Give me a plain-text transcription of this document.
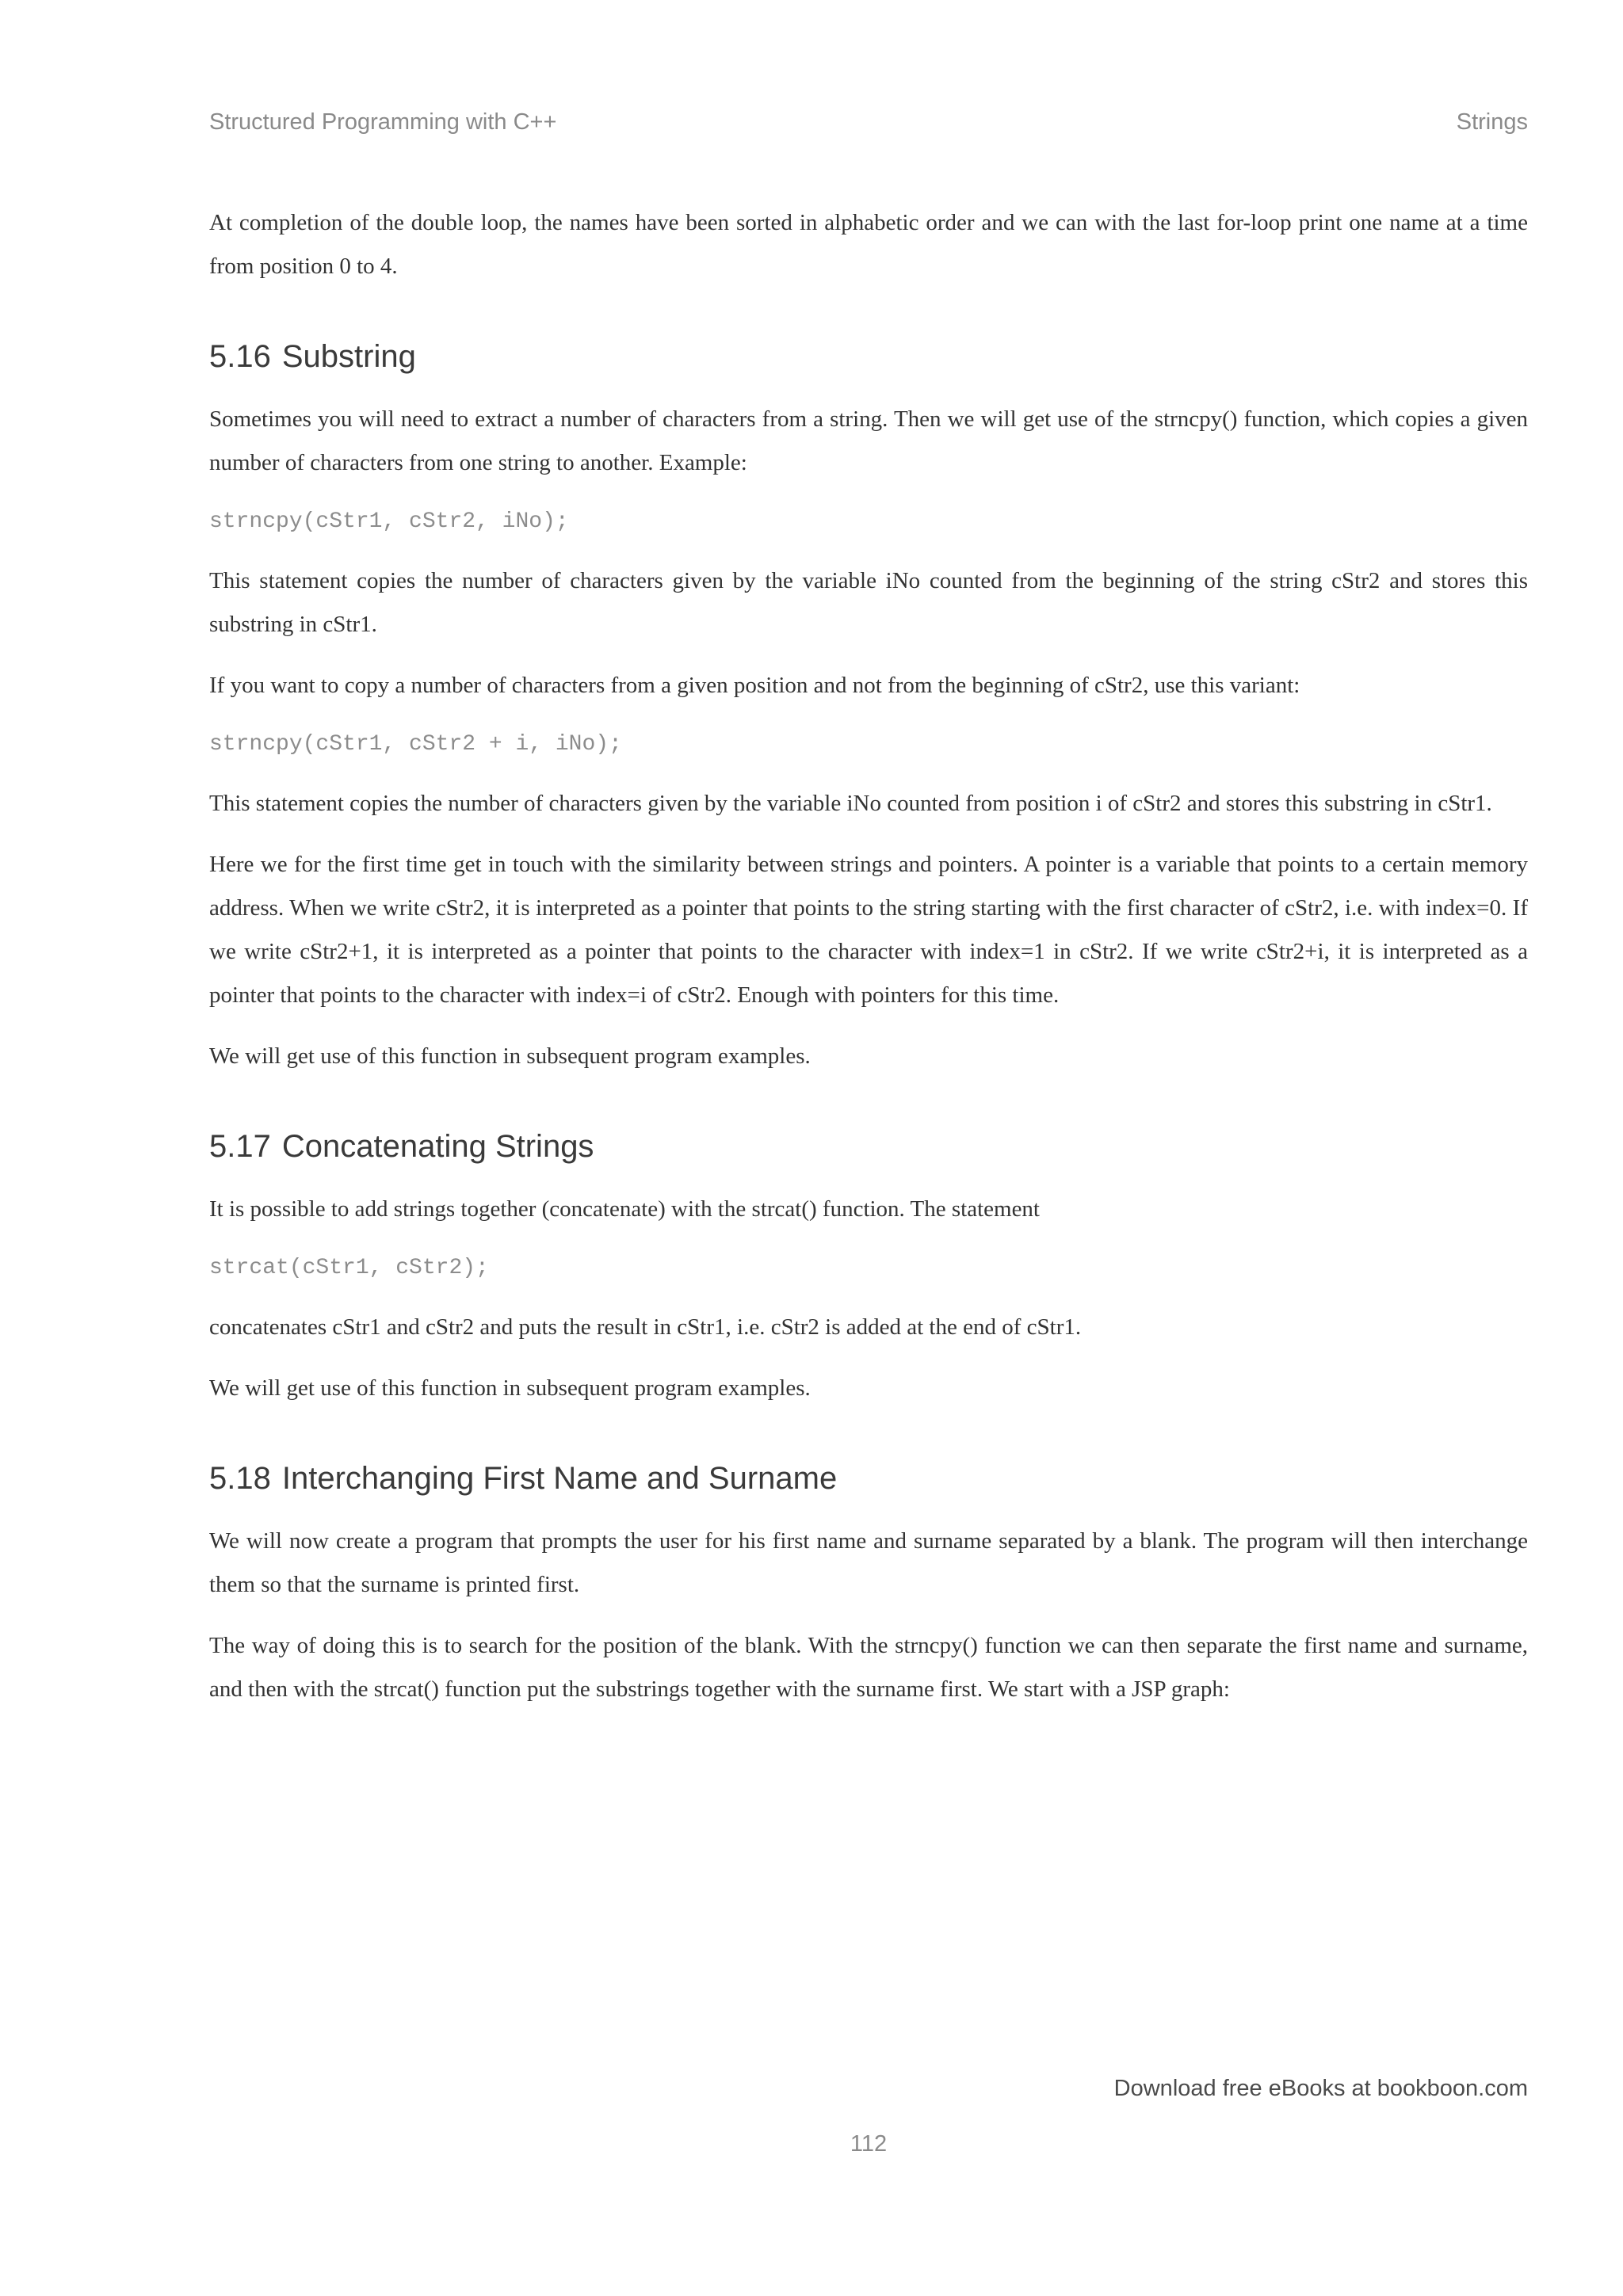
Structured Programming with C++	Strings

At completion of the double loop, the names have been sorted in alphabetic order and we can with the last for-loop print one name at a time from position 0 to 4.

5.16 Substring

Sometimes you will need to extract a number of characters from a string. Then we will get use of the strncpy() function, which copies a given number of characters from one string to another. Example:

strncpy(cStr1, cStr2, iNo);

This statement copies the number of characters given by the variable iNo counted from the beginning of the string cStr2 and stores this substring in cStr1.

If you want to copy a number of characters from a given position and not from the beginning of cStr2, use this variant:

strncpy(cStr1, cStr2 + i, iNo);

This statement copies the number of characters given by the variable iNo counted from position i of cStr2 and stores this substring in cStr1.

Here we for the first time get in touch with the similarity between strings and pointers. A pointer is a variable that points to a certain memory address. When we write cStr2, it is interpreted as a pointer that points to the string starting with the first character of cStr2, i.e. with index=0. If we write cStr2+1, it is interpreted as a pointer that points to the character with index=1 in cStr2. If we write cStr2+i, it is interpreted as a pointer that points to the character with index=i of cStr2. Enough with pointers for this time.

We will get use of this function in subsequent program examples.

5.17 Concatenating Strings

It is possible to add strings together (concatenate) with the strcat() function. The statement

strcat(cStr1, cStr2);

concatenates cStr1 and cStr2 and puts the result in cStr1, i.e. cStr2 is added at the end of cStr1.

We will get use of this function in subsequent program examples.

5.18 Interchanging First Name and Surname

We will now create a program that prompts the user for his first name and surname separated by a blank. The program will then interchange them so that the surname is printed first.

The way of doing this is to search for the position of the blank. With the strncpy() function we can then separate the first name and surname, and then with the strcat() function put the substrings together with the surname first. We start with a JSP graph:

Download free eBooks at bookboon.com
112
